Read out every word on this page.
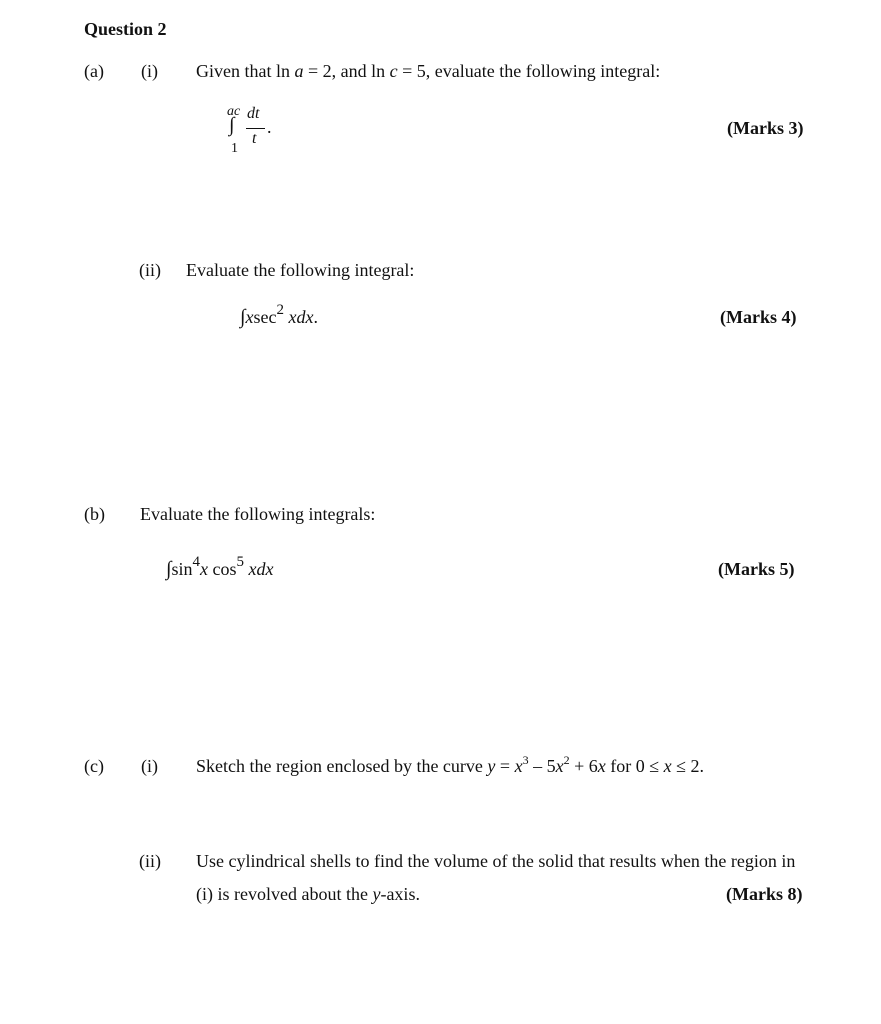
Question 2
(a) (i) Given that ln a = 2, and ln c = 5, evaluate the following integral:
ac
∫
1
dt
t
.	(Marks 3)
(ii) Evaluate the following integral:
∫xsec$^2$ xdx.	(Marks 4)
(b) Evaluate the following integrals:
$\int\sin^4x$ $\cos^5$ xdx	(Marks 5)
(c) (i) Sketch the region enclosed by the curve $y = x^3 - 5x^2 + 6x$ for 0 ≤ x ≤ 2.
(ii) Use cylindrical shells to find the volume of the solid that results when the region in
(i) is revolved about the y-axis.	(Marks 8)
